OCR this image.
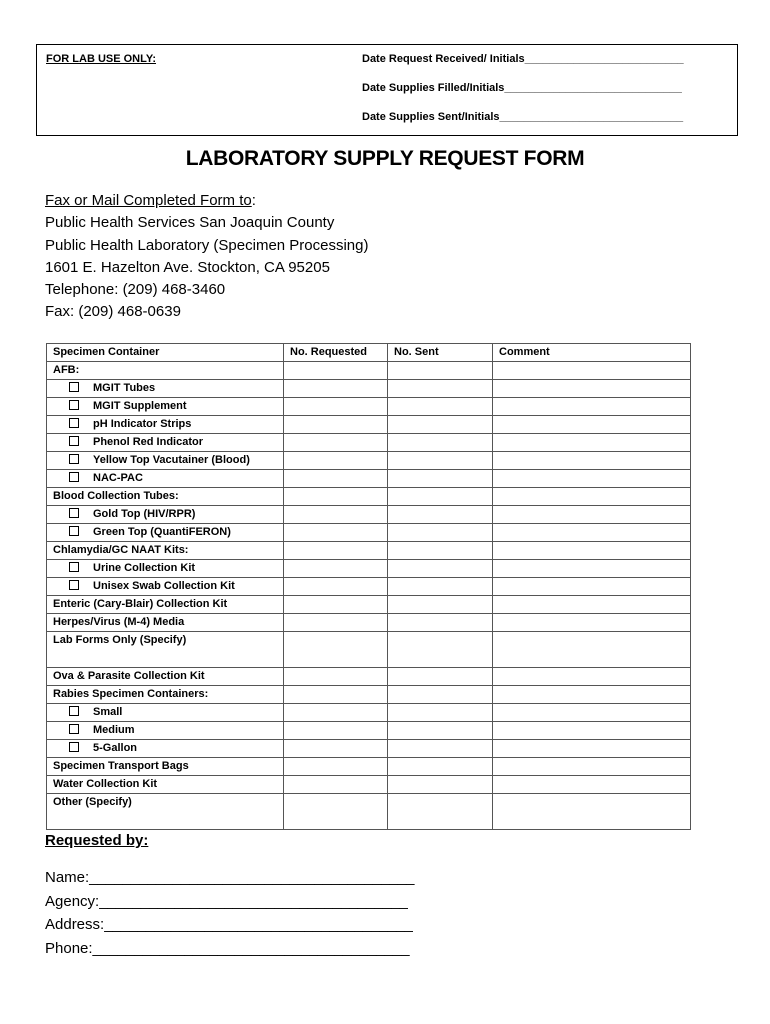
FOR LAB USE ONLY:	Date Request Received/ Initials__________________________
Date Supplies Filled/Initials_____________________________
Date Supplies Sent/Initials______________________________
LABORATORY SUPPLY REQUEST FORM
Fax or Mail Completed Form to:
Public Health Services San Joaquin County
Public Health Laboratory (Specimen Processing)
1601 E. Hazelton Ave. Stockton, CA 95205
Telephone: (209) 468-3460
Fax: (209) 468-0639
Specimen Container	No. Requested	No. Sent	Comment
AFB:			
MGIT Tubes			
MGIT Supplement			
pH Indicator Strips			
Phenol Red Indicator			
Yellow Top Vacutainer (Blood)			
NAC-PAC			
Blood Collection Tubes:			
Gold Top (HIV/RPR)			
Green Top (QuantiFERON)			
Chlamydia/GC NAAT Kits:			
Urine Collection Kit			
Unisex Swab Collection Kit			
Enteric (Cary-Blair) Collection Kit			
Herpes/Virus (M-4) Media			
Lab Forms Only (Specify)			
Ova & Parasite Collection Kit			
Rabies Specimen Containers:			
Small			
Medium			
5-Gallon			
Specimen Transport Bags			
Water Collection Kit			
Other (Specify)			
Requested by:
Name:_______________________________________
Agency:_____________________________________
Address:_____________________________________
Phone:______________________________________
